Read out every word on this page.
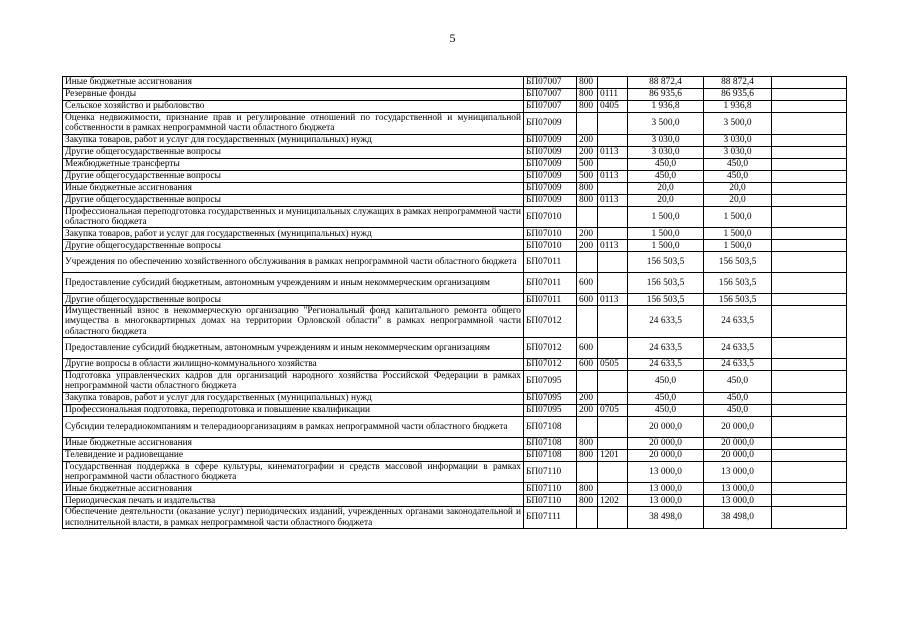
5
Иные бюджетные ассигнования	БП07007	800		88 872,4	88 872,4	
Резервные фонды	БП07007	800	0111	86 935,6	86 935,6	
Сельское хозяйство и рыболовство	БП07007	800	0405	1 936,8	1 936,8	
Оценка недвижимости, признание прав и регулирование отношений по государственной и муниципальной собственности в рамках непрограммной части областного бюджета	БП07009			3 500,0	3 500,0	
Закупка товаров, работ и услуг для государственных (муниципальных) нужд	БП07009	200		3 030,0	3 030,0	
Другие общегосударственные вопросы	БП07009	200	0113	3 030,0	3 030,0	
Межбюджетные трансферты	БП07009	500		450,0	450,0	
Другие общегосударственные вопросы	БП07009	500	0113	450,0	450,0	
Иные бюджетные ассигнования	БП07009	800		20,0	20,0	
Другие общегосударственные вопросы	БП07009	800	0113	20,0	20,0	
Профессиональная переподготовка государственных и муниципальных служащих в рамках непрограммной части областного бюджета	БП07010			1 500,0	1 500,0	
Закупка товаров, работ и услуг для государственных (муниципальных) нужд	БП07010	200		1 500,0	1 500,0	
Другие общегосударственные вопросы	БП07010	200	0113	1 500,0	1 500,0	
Учреждения по обеспечению хозяйственного обслуживания в рамках непрограммной части областного бюджета	БП07011			156 503,5	156 503,5	
Предоставление субсидий бюджетным, автономным учреждениям и иным некоммерческим организациям	БП07011	600		156 503,5	156 503,5	
Другие общегосударственные вопросы	БП07011	600	0113	156 503,5	156 503,5	
Имущественный взнос в некоммерческую организацию "Региональный фонд капитального ремонта общего имущества в многоквартирных домах на территории Орловской области" в рамках непрограммной части областного бюджета	БП07012			24 633,5	24 633,5	
Предоставление субсидий бюджетным, автономным учреждениям и иным некоммерческим организациям	БП07012	600		24 633,5	24 633,5	
Другие вопросы в области жилищно-коммунального хозяйства	БП07012	600	0505	24 633,5	24 633,5	
Подготовка управленческих кадров для организаций народного хозяйства Российской Федерации в рамках непрограммной части областного бюджета	БП07095			450,0	450,0	
Закупка товаров, работ и услуг для государственных (муниципальных) нужд	БП07095	200		450,0	450,0	
Профессиональная подготовка, переподготовка и повышение квалификации	БП07095	200	0705	450,0	450,0	
Субсидии телерадиокомпаниям и телерадиоорганизациям в рамках непрограммной части областного бюджета	БП07108			20 000,0	20 000,0	
Иные бюджетные ассигнования	БП07108	800		20 000,0	20 000,0	
Телевидение и радиовещание	БП07108	800	1201	20 000,0	20 000,0	
Государственная поддержка в сфере культуры, кинематографии и средств массовой информации в рамках непрограммной части областного бюджета	БП07110			13 000,0	13 000,0	
Иные бюджетные ассигнования	БП07110	800		13 000,0	13 000,0	
Периодическая печать и издательства	БП07110	800	1202	13 000,0	13 000,0	
Обеспечение деятельности (оказание услуг) периодических изданий, учрежденных органами законодательной и исполнительной власти, в рамках непрограммной части областного бюджета	БП07111			38 498,0	38 498,0	
